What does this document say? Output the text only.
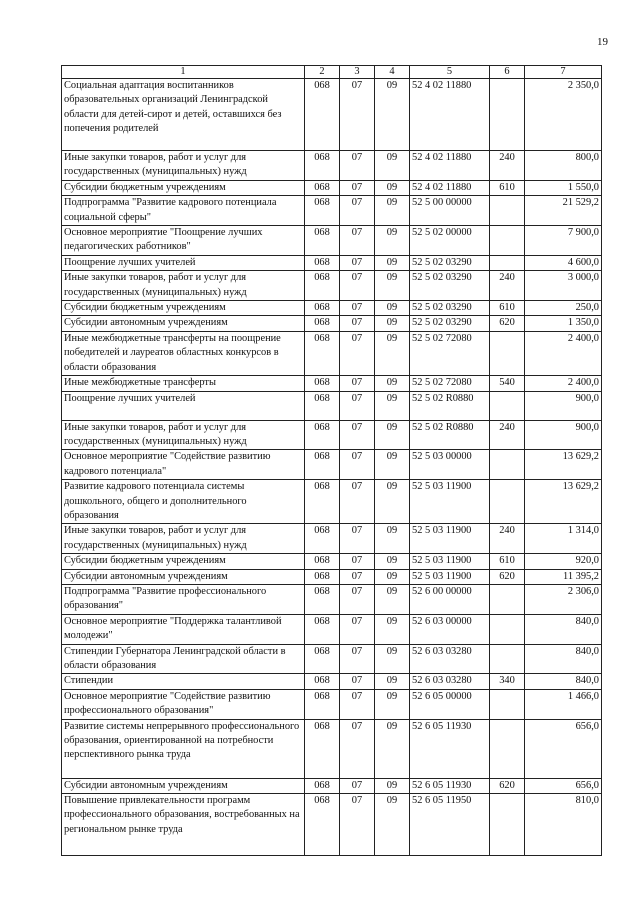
19
1	2	3	4	5	6	7
Социальная адаптация воспитанников образовательных организаций Ленинградской области для детей-сирот и детей, оставшихся без попечения родителей	068	07	09	52 4 02 11880		2 350,0
Иные закупки товаров, работ и услуг для государственных (муниципальных) нужд	068	07	09	52 4 02 11880	240	800,0
Субсидии бюджетным учреждениям	068	07	09	52 4 02 11880	610	1 550,0
Подпрограмма "Развитие кадрового потенциала социальной сферы"	068	07	09	52 5 00 00000		21 529,2
Основное мероприятие "Поощрение лучших педагогических работников"	068	07	09	52 5 02 00000		7 900,0
Поощрение лучших учителей	068	07	09	52 5 02 03290		4 600,0
Иные закупки товаров, работ и услуг для государственных (муниципальных) нужд	068	07	09	52 5 02 03290	240	3 000,0
Субсидии бюджетным учреждениям	068	07	09	52 5 02 03290	610	250,0
Субсидии автономным учреждениям	068	07	09	52 5 02 03290	620	1 350,0
Иные межбюджетные трансферты на поощрение победителей и лауреатов областных конкурсов в области образования	068	07	09	52 5 02 72080		2 400,0
Иные межбюджетные трансферты	068	07	09	52 5 02 72080	540	2 400,0
Поощрение лучших учителей	068	07	09	52 5 02 R0880		900,0
Иные закупки товаров, работ и услуг для государственных (муниципальных) нужд	068	07	09	52 5 02 R0880	240	900,0
Основное мероприятие "Содействие развитию кадрового потенциала"	068	07	09	52 5 03 00000		13 629,2
Развитие кадрового потенциала системы дошкольного, общего и дополнительного образования	068	07	09	52 5 03 11900		13 629,2
Иные закупки товаров, работ и услуг для государственных (муниципальных) нужд	068	07	09	52 5 03 11900	240	1 314,0
Субсидии бюджетным учреждениям	068	07	09	52 5 03 11900	610	920,0
Субсидии автономным учреждениям	068	07	09	52 5 03 11900	620	11 395,2
Подпрограмма "Развитие профессионального образования"	068	07	09	52 6 00 00000		2 306,0
Основное мероприятие "Поддержка талантливой молодежи"	068	07	09	52 6 03 00000		840,0
Стипендии Губернатора Ленинградской области в области образования	068	07	09	52 6 03 03280		840,0
Стипендии	068	07	09	52 6 03 03280	340	840,0
Основное мероприятие "Содействие развитию профессионального образования"	068	07	09	52 6 05 00000		1 466,0
Развитие системы непрерывного профессионального образования, ориентированной на потребности перспективного рынка труда	068	07	09	52 6 05 11930		656,0
Субсидии автономным учреждениям	068	07	09	52 6 05 11930	620	656,0
Повышение привлекательности программ профессионального образования, востребованных на региональном рынке труда	068	07	09	52 6 05 11950		810,0
